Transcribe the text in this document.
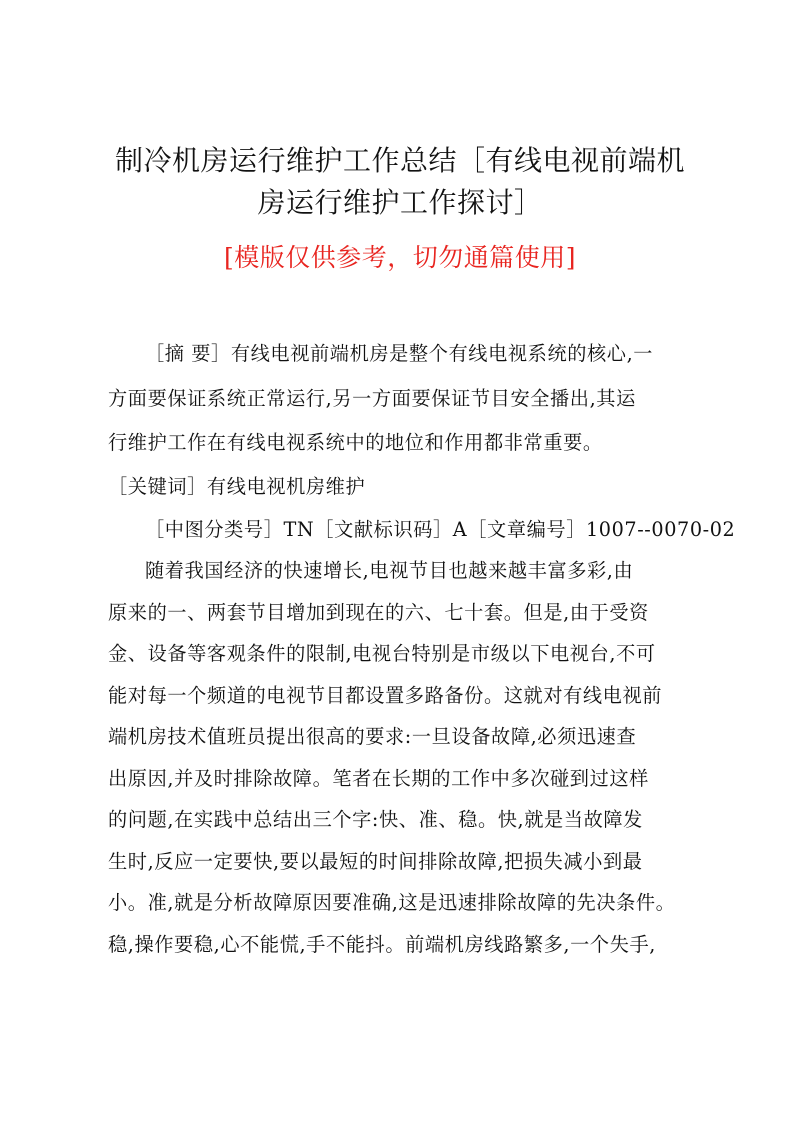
制冷机房运行维护工作总结［有线电视前端机
房运行维护工作探讨］
[模版仅供参考，切勿通篇使用]
［摘 要］有线电视前端机房是整个有线电视系统的核心,一
方面要保证系统正常运行,另一方面要保证节目安全播出,其运
行维护工作在有线电视系统中的地位和作用都非常重要。
［关键词］有线电视机房维护
［中图分类号］TN［文献标识码］A［文章编号］1007--0070-02
随着我国经济的快速增长,电视节目也越来越丰富多彩,由
原来的一、两套节目增加到现在的六、七十套。但是,由于受资
金、设备等客观条件的限制,电视台特别是市级以下电视台,不可
能对每一个频道的电视节目都设置多路备份。这就对有线电视前
端机房技术值班员提出很高的要求:一旦设备故障,必须迅速查
出原因,并及时排除故障。笔者在长期的工作中多次碰到过这样
的问题,在实践中总结出三个字:快、准、稳。快,就是当故障发
生时,反应一定要快,要以最短的时间排除故障,把损失减小到最
小。准,就是分析故障原因要准确,这是迅速排除故障的先决条件。
稳,操作要稳,心不能慌,手不能抖。前端机房线路繁多,一个失手,
